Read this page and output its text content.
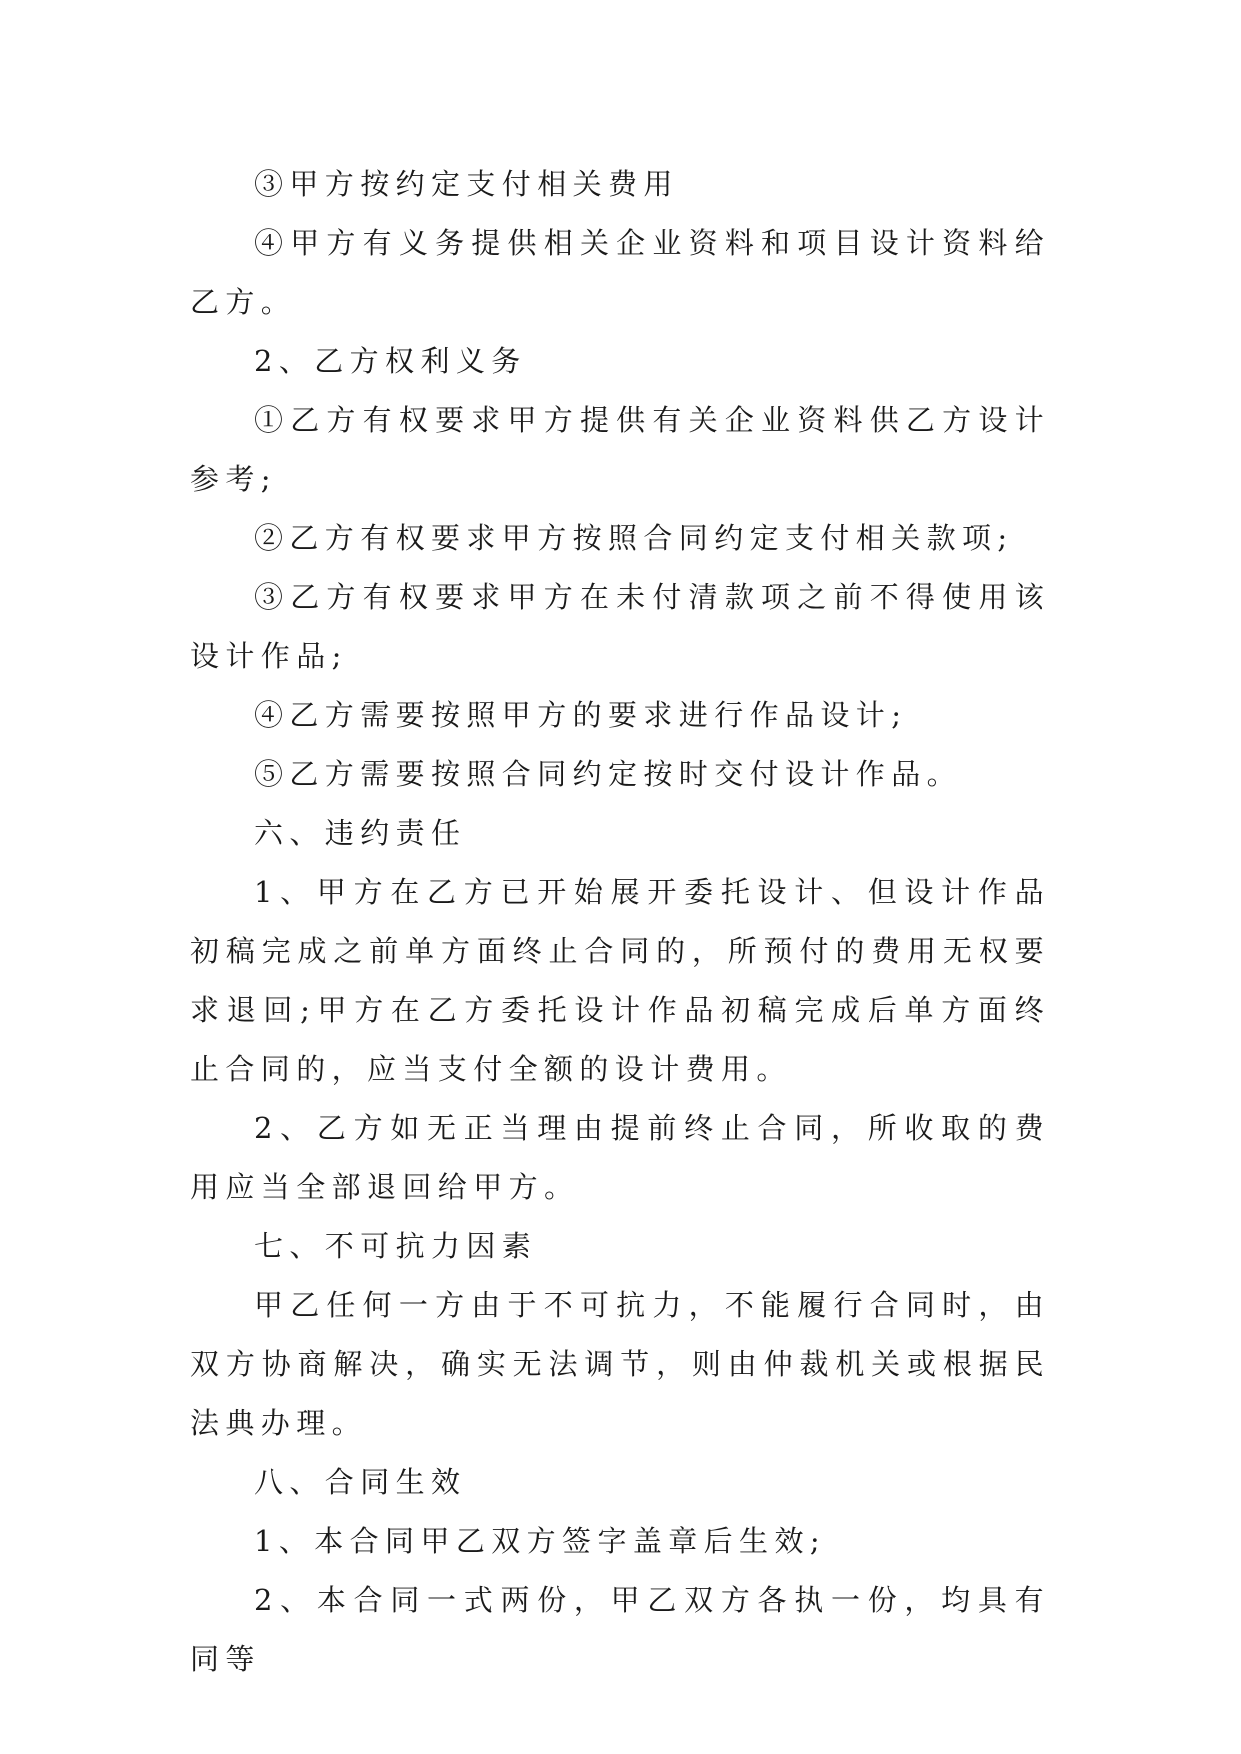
③甲方按约定支付相关费用

④甲方有义务提供相关企业资料和项目设计资料给乙方。

2、乙方权利义务

①乙方有权要求甲方提供有关企业资料供乙方设计参考;

②乙方有权要求甲方按照合同约定支付相关款项;

③乙方有权要求甲方在未付清款项之前不得使用该设计作品;

④乙方需要按照甲方的要求进行作品设计;

⑤乙方需要按照合同约定按时交付设计作品。

六、违约责任

1、甲方在乙方已开始展开委托设计、但设计作品初稿完成之前单方面终止合同的，所预付的费用无权要求退回;甲方在乙方委托设计作品初稿完成后单方面终止合同的，应当支付全额的设计费用。

2、乙方如无正当理由提前终止合同，所收取的费用应当全部退回给甲方。

七、不可抗力因素

甲乙任何一方由于不可抗力，不能履行合同时，由双方协商解决，确实无法调节，则由仲裁机关或根据民法典办理。

八、合同生效

1、本合同甲乙双方签字盖章后生效;

2、本合同一式两份，甲乙双方各执一份，均具有同等
